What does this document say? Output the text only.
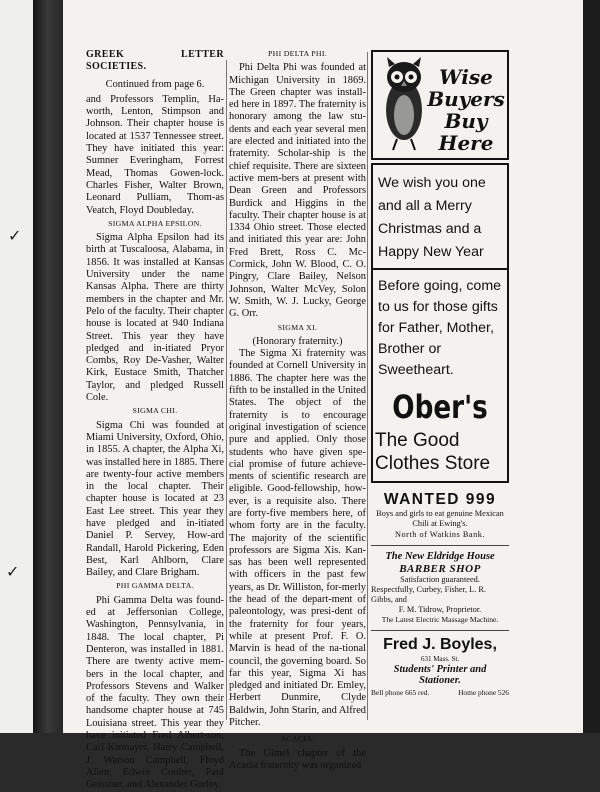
✓
✓
GREEK LETTER SOCIETIES.
Continued from page 6.

and Professors Templin, Ha-worth, Lenton, Stimpson and Johnson. Their chapter house is located at 1537 Tennessee street. They have initiated this year: Sumner Everingham, Forrest Mead, Thomas Gowen-lock. Charles Fisher, Walter Brown, Leonard Pulliam, Thom-as Veatch, Floyd Doubleday.

SIGMA ALPHA EPSILON.

Sigma Alpha Epsilon had its birth at Tuscaloosa, Alabama, in 1856. It was installed at Kansas University under the name Kansas Alpha. There are thirty members in the chapter and Mr. Pelo of the faculty. Their chapter house is located at 940 Indiana Street. This year they have pledged and in-itiated Pryor Combs, Roy De-Vasher, Walter Kirk, Eustace Smith, Thatcher Taylor, and pledged Russell Cole.

SIGMA CHI.

Sigma Chi was founded at Miami University, Oxford, Ohio, in 1855. A chapter, the Alpha Xi, was installed here in 1885. There are twenty-four active members in the local chapter. Their chapter house is located at 23 East Lee street. This year they have pledged and in-itiated Daniel P. Servey, How-ard Randall, Harold Pickering, Eden Best, Karl Ahlborn, Clare Bailey, and Clare Brigham.

PHI GAMMA DELTA.

Phi Gamma Delta was found-ed at Jeffersonian College, Washington, Pennsylvania, in 1848. The local chapter, Pi Denteron, was installed in 1881. There are twenty active mem-bers in the local chapter, and Professors Stevens and Walker of the faculty. They own their handsome chapter house at 745 Louisiana street. This year they have initiated Fred Albert-son, Carl Kirmayer, Harry Campbell, J. Watson Campbell, Floyd Allen, Edwin Coulter, Paul Geissner, and Alexander Gurley.

PHI DELTA PHI.

Phi Delta Phi was founded at Michigan University in 1869. The Green chapter was install-ed here in 1897. The fraternity is honorary among the law stu-dents and each year several men are elected and initiated into the fraternity. Scholar-ship is the chief requisite. There are sixteen active mem-bers at present with Dean Green and Professors Burdick and Higgins in the faculty. Their chapter house is at 1334 Ohio street. Those elected and initiated this year are: John Fred Brett, Ross C. Mc-Cormick, John W. Blood, C. O. Pingry, Clare Bailey, Nelson Johnson, Walter McVey, Solon W. Smith, W. J. Lucky, George G. Orr.

SIGMA XI.
(Honorary fraternity.)

The Sigma Xi fraternity was founded at Cornell University in 1886. The chapter here was the fifth to be installed in the United States. The object of the fraternity is to encourage original investigation of science pure and applied. Only those students who have given spe-cial promise of future achieve-ments of scientific research are eligible. Good-fellowship, how-ever, is a requisite also. There are forty-five members here, of whom forty are in the faculty. The majority of the scientific professors are Sigma Xis. Kan-sas has been well represented with officers in the past few years, as Dr. Williston, for-merly the head of the depart-ment of paleontology, was presi-dent of the fraternity for four years, while at present Prof. F. O. Marvin is head of the na-tional council, the governing board. So far this year, Sigma Xi has pledged and initiated Dr. Emley, Herbert Dunmire, Clyde Baldwin, John Starin, and Alfred Pitcher.

ACACIA.

The Gimel chapter of the Acacia fraternity was organized

Wise Buyers Buy Here
We wish you one and all a Merry Christmas and a Happy New Year
Before going, come to us for those gifts for Father, Mother, Brother or Sweetheart.
Ober's
The Good
Clothes Store
WANTED 999
Boys and girls to eat genuine Mexican Chili at Ewing's.
North of Watkins Bank.
The New Eldridge House
BARBER SHOP
Satisfaction guaranteed.
Respectfully, Curbey, Fisher, L. R. Gibbs, and
F. M. Tidrow, Proprietor.
The Latest Electric Massage Machine.
Fred J. Boyles,
631 Mass. St.
Students' Printer and
Stationer.
Bell phone 665 red.	Home phone 526
